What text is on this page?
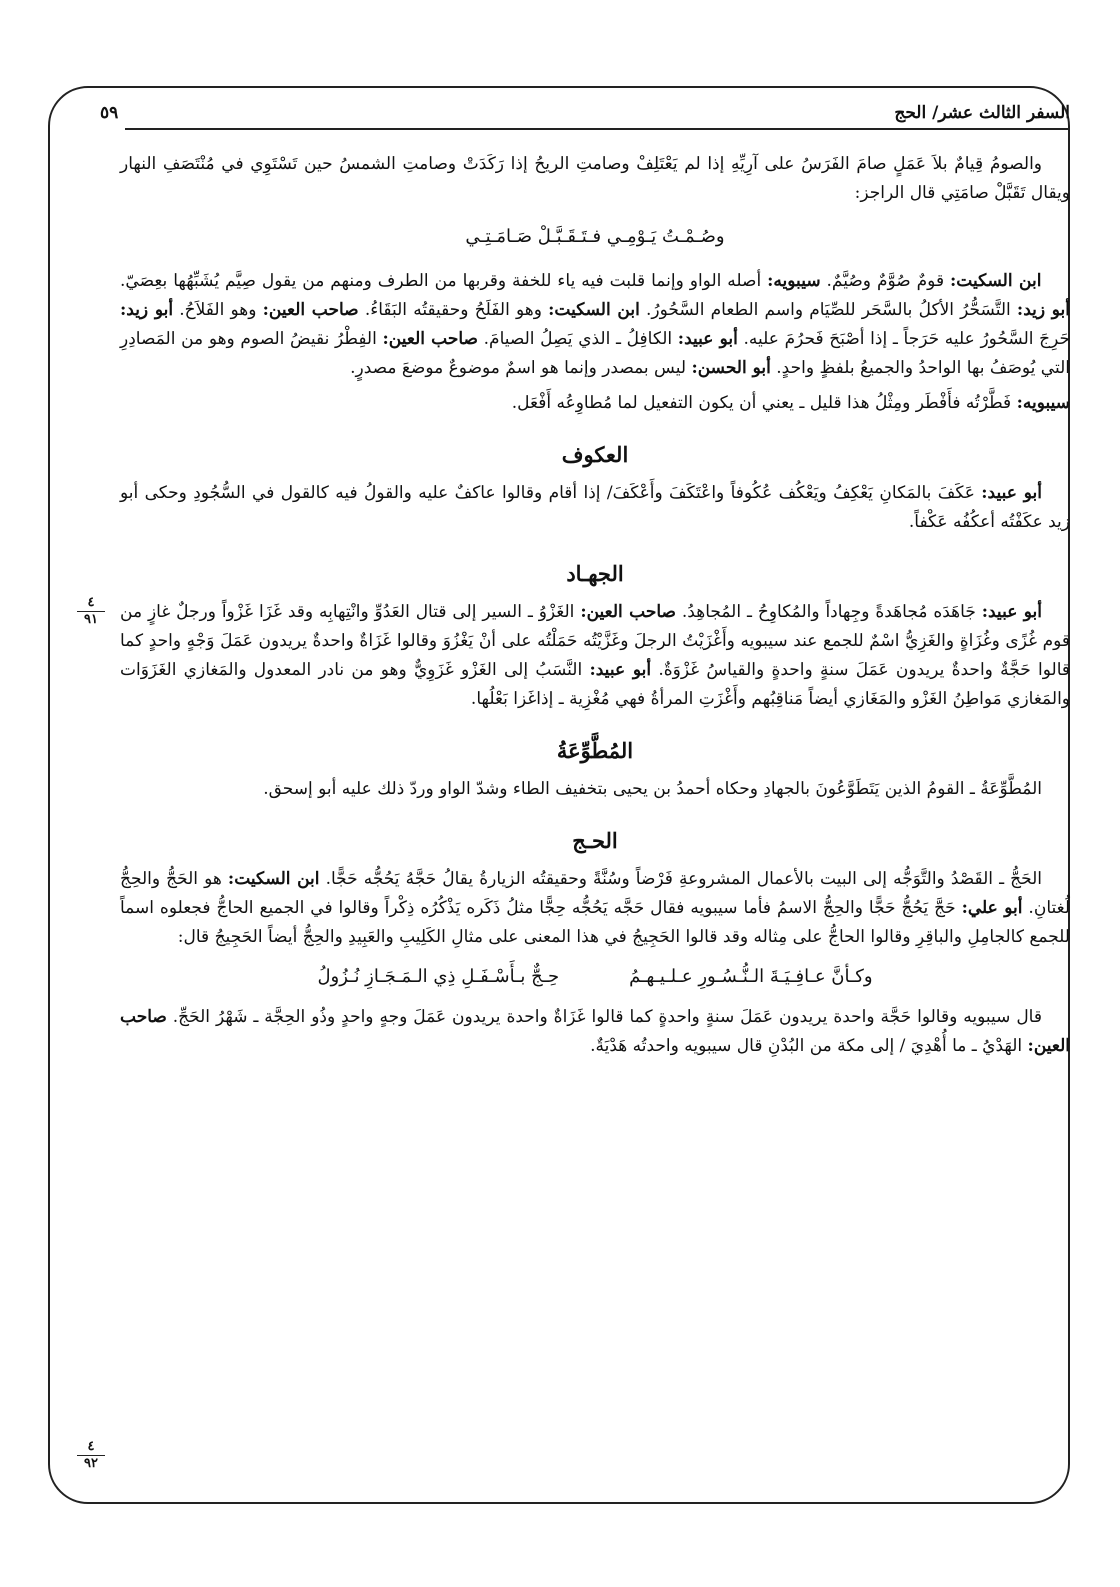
السفر الثالث عشر/ الحج
٥٩
٤
٩١
٤
٩٢

والصومُ قِيامٌ بلاَ عَمَلٍ صامَ الفَرَسُ على آرِيِّهِ إذا لم يَعْتَلِفْ وصامتِ الريحُ إذا رَكَدَتْ وصامتِ الشمسُ حين تَسْتَوِي في مُنْتَصَفِ النهار ويقال تَقَبَّلْ صامَتِي قال الراجز:

وصُـمْـتُ يَـوْمِـي فـتَـقَـبَّـلْ صَـامَـتِـي

ابن السكيت: قومٌ صُوَّمٌ وصُيَّمٌ. سيبويه: أصله الواو وإنما قلبت فيه ياء للخفة وقربها من الطرف ومنهم من يقول صِيَّم يُشَبِّهُها بعِصَيّ. أبو زيد: التَّسَحُّرُ الأكلُ بالسَّحَر للصِّيَام واسم الطعام السَّحُورُ. ابن السكيت: وهو الفَلَحُ وحقيقتُه البَقَاءُ. صاحب العين: وهو الفَلاَحُ. أبو زيد: حَرِجَ السَّحُورُ عليه حَرَجاً ـ إذا أصْبَحَ فَحرُمَ عليه. أبو عبيد: الكافِلُ ـ الذي يَصِلُ الصيامَ. صاحب العين: الفِطْرُ نقيضُ الصوم وهو من المَصادِرِ التي يُوصَفُ بها الواحدُ والجميعُ بلفظٍ واحدٍ. أبو الحسن: ليس بمصدر وإنما هو اسمٌ موضوعٌ موضعَ مصدرٍ.

سيبويه: فَطَّرْتُه فأَفْطَر ومِثْلُ هذا قليل ـ يعني أن يكون التفعيل لما مُطاوِعُه أَفْعَل.

العكوف

أبو عبيد: عَكَفَ بالمَكانِ يَعْكِفُ ويَعْكُف عُكُوفاً واعْتَكَفَ وأَعْكَفَ/ إذا أقام وقالوا عاكفٌ عليه والقولُ فيه كالقول في السُّجُودِ وحكى أبو زيد عكَفْتُه أعكُفُه عَكْفاً.

الجهـاد

أبو عبيد: جَاهَدَه مُجاهَدةً وجِهاداً والمُكاوِحُ ـ المُجاهِدُ. صاحب العين: الغَزْوُ ـ السير إلى قتال العَدُوِّ وانْتِهابِه وقد غَزَا غَزْواً ورجلٌ غازٍ من قوم غُزًى وغُزَاةٍ والغَزِيُّ اسْمٌ للجمع عند سيبويه وأَغْزَيْتُ الرجلَ وغَزَّيْتُه حَمَلْتُه على أنْ يَغْزُوَ وقالوا غَزَاةٌ واحدةٌ يريدون عَمَلَ وَجْهٍ واحدٍ كما قالوا حَجَّةٌ واحدةٌ يريدون عَمَلَ سنةٍ واحدةٍ والقياسُ غَزْوَةٌ. أبو عبيد: النَّسَبُ إلى الغَزْو غَزَوِيٌّ وهو من نادر المعدول والمَغازي الغَزَوَات والمَغازي مَواطِنُ الغَزْو والمَغَازي أيضاً مَناقِبُهم وأَغْزَتِ المرأةُ فهي مُغْزِية ـ إذاغَزا بَعْلُها.

المُطَّوِّعَةُ

المُطَّوِّعَةُ ـ القومُ الذين يَتَطَوَّعُونَ بالجهادِ وحكاه أحمدُ بن يحيى بتخفيف الطاء وشدّ الواو وردّ ذلك عليه أبو إسحق.

الحـج

الحَجُّ ـ القَصْدُ والتَّوَجُّه إلى البيت بالأعمال المشروعةِ فَرْضاً وسُنَّةً وحقيقتُه الزيارةُ يقالُ حَجَّهُ يَحُجُّه حَجًّا. ابن السكيت: هو الحَجُّ والحِجُّ لُغتانِ. أبو علي: حَجَّ يَحُجُّ حَجًّا والحِجُّ الاسمُ فأما سيبويه فقال حَجَّه يَحُجُّه حِجًّا مثلُ ذَكَره يَذْكُرُه ذِكْراً وقالوا في الجميع الحاجُّ فجعلوه اسماً للجمع كالجامِلِ والباقِرِ وقالوا الحاجُّ على مِثاله وقد قالوا الحَجِيجُ في هذا المعنى على مثالِ الكَلِيبِ والعَبِيدِ والحِجُّ أيضاً الحَجِيجُ قال:

وكـأنَّ عـافِـيَـةَ الـنُّـسُـورِ عـلـيـهـمُ
حِـجٌّ بـأَسْـفَـلِ ذِي الـمَـجَـازِ نُـزُولُ

قال سيبويه وقالوا حَجَّة واحدة يريدون عَمَلَ سنةٍ واحدةٍ كما قالوا غَزَاةٌ واحدة يريدون عَمَلَ وجهٍ واحدٍ وذُو الحِجَّة ـ شَهْرُ الحَجِّ. صاحب العين: الهَدْيُ ـ ما أُهْدِيَ / إلى مكة من البُدْنِ قال سيبويه واحدتُه هَدْيَةٌ.
